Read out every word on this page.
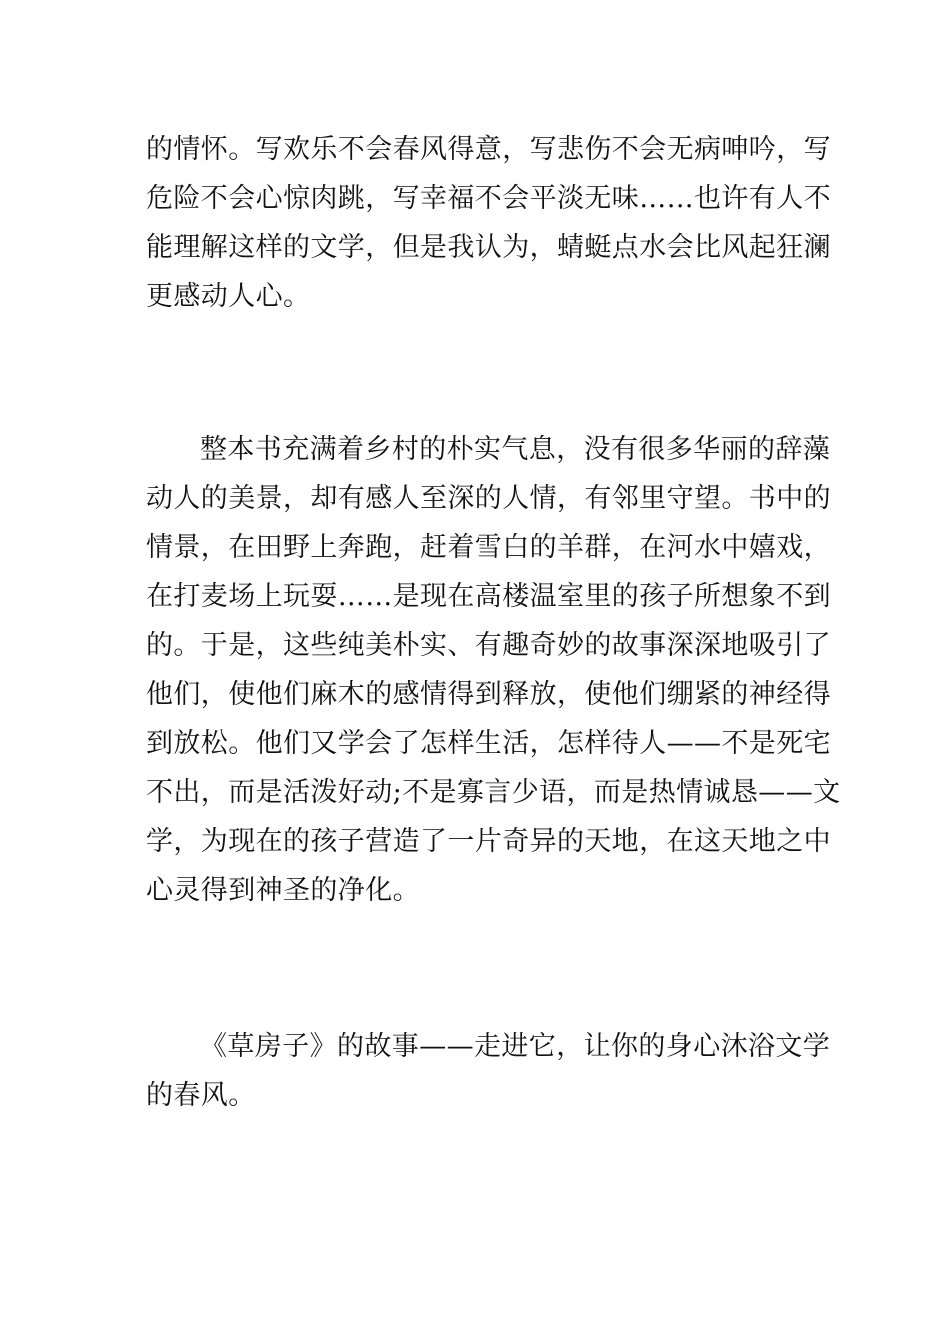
的情怀。写欢乐不会春风得意，写悲伤不会无病呻吟，写
危险不会心惊肉跳，写幸福不会平淡无味……也许有人不
能理解这样的文学，但是我认为，蜻蜓点水会比风起狂澜
更感动人心。

整本书充满着乡村的朴实气息，没有很多华丽的辞藻
动人的美景，却有感人至深的人情，有邻里守望。书中的
情景，在田野上奔跑，赶着雪白的羊群，在河水中嬉戏，
在打麦场上玩耍……是现在高楼温室里的孩子所想象不到
的。于是，这些纯美朴实、有趣奇妙的故事深深地吸引了
他们，使他们麻木的感情得到释放，使他们绷紧的神经得
到放松。他们又学会了怎样生活，怎样待人——不是死宅
不出，而是活泼好动;不是寡言少语，而是热情诚恳——文
学，为现在的孩子营造了一片奇异的天地，在这天地之中
心灵得到神圣的净化。

《草房子》的故事——走进它，让你的身心沐浴文学
的春风。
